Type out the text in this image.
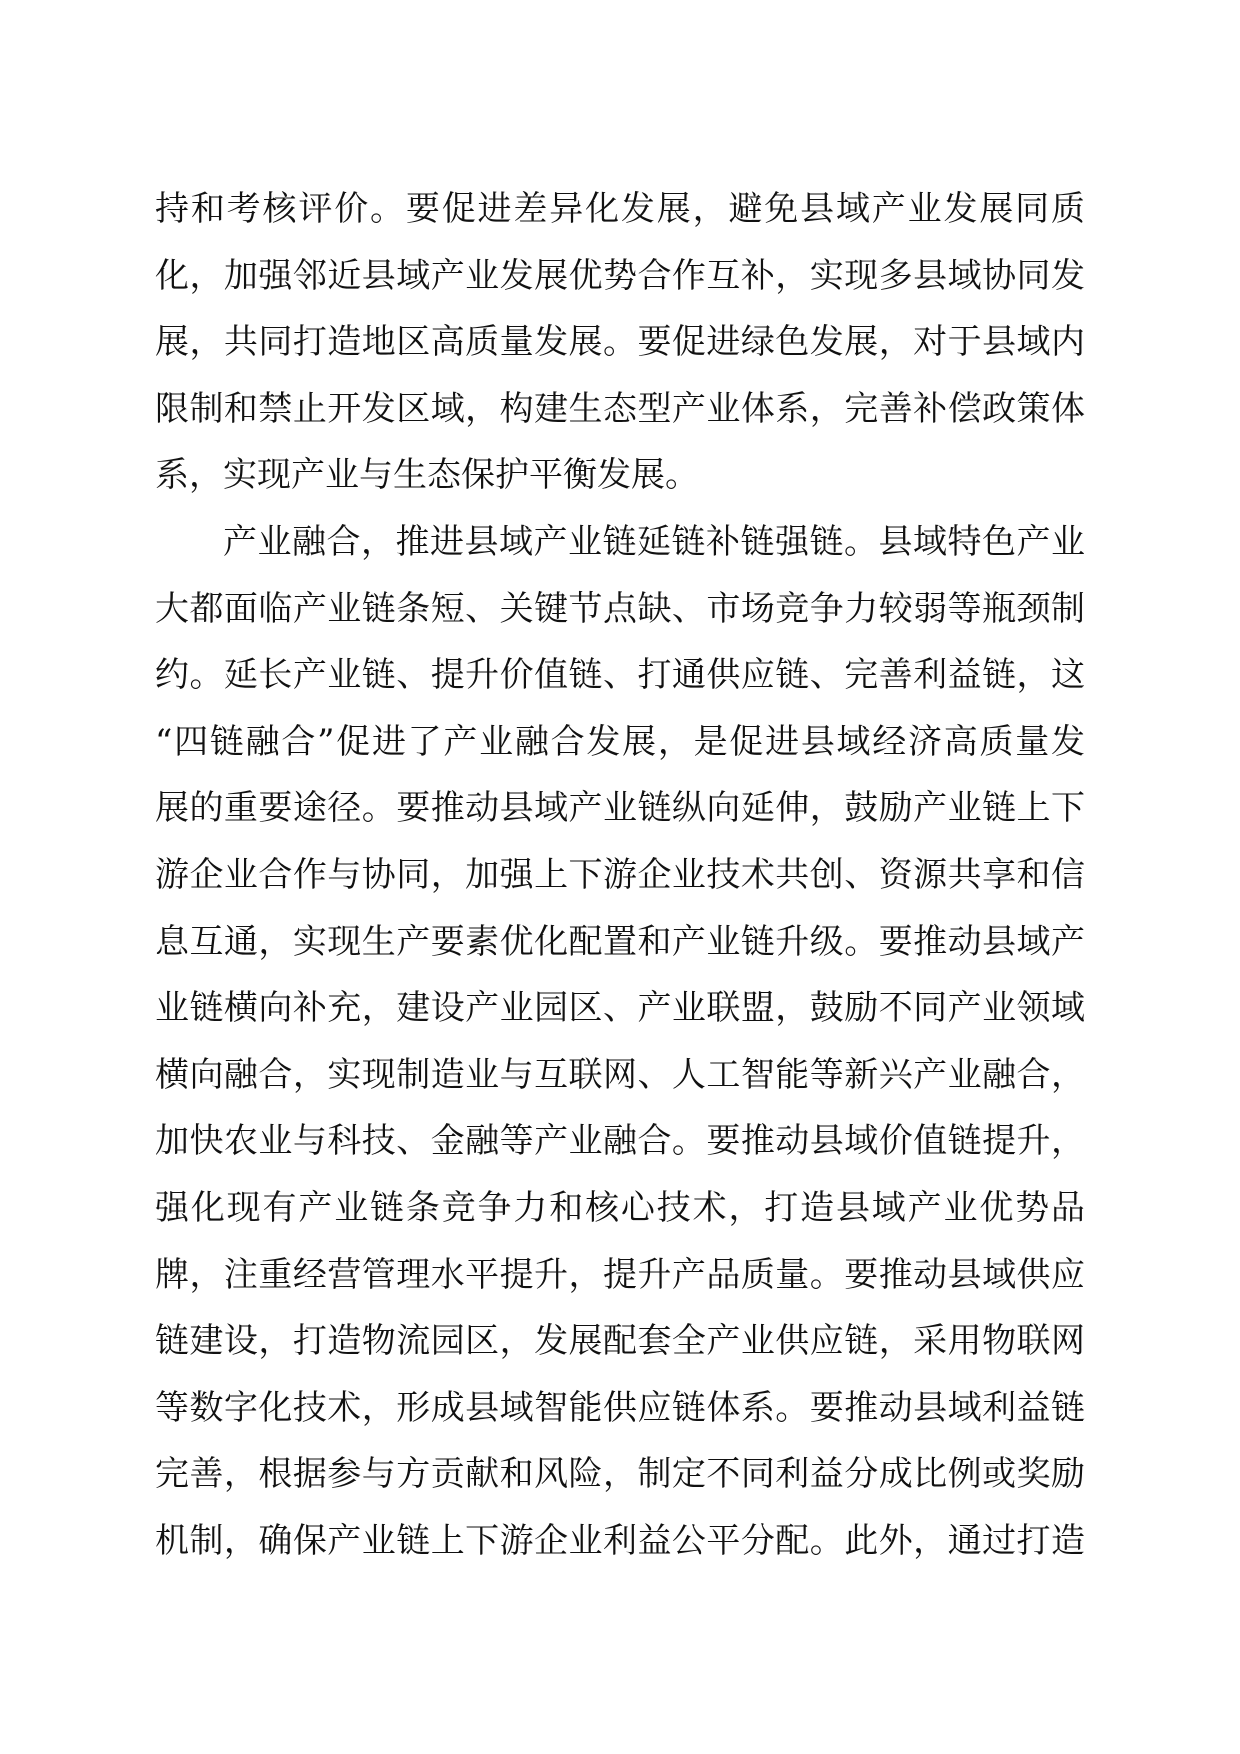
持和考核评价。要促进差异化发展，避免县域产业发展同质
化，加强邻近县域产业发展优势合作互补，实现多县域协同发
展，共同打造地区高质量发展。要促进绿色发展，对于县域内
限制和禁止开发区域，构建生态型产业体系，完善补偿政策体
系，实现产业与生态保护平衡发展。
产业融合，推进县域产业链延链补链强链。县域特色产业
大都面临产业链条短、关键节点缺、市场竞争力较弱等瓶颈制
约。延长产业链、提升价值链、打通供应链、完善利益链，这
“四链融合”促进了产业融合发展，是促进县域经济高质量发
展的重要途径。要推动县域产业链纵向延伸，鼓励产业链上下
游企业合作与协同，加强上下游企业技术共创、资源共享和信
息互通，实现生产要素优化配置和产业链升级。要推动县域产
业链横向补充，建设产业园区、产业联盟，鼓励不同产业领域
横向融合，实现制造业与互联网、人工智能等新兴产业融合，
加快农业与科技、金融等产业融合。要推动县域价值链提升，
强化现有产业链条竞争力和核心技术，打造县域产业优势品
牌，注重经营管理水平提升，提升产品质量。要推动县域供应
链建设，打造物流园区，发展配套全产业供应链，采用物联网
等数字化技术，形成县域智能供应链体系。要推动县域利益链
完善，根据参与方贡献和风险，制定不同利益分成比例或奖励
机制，确保产业链上下游企业利益公平分配。此外，通过打造
